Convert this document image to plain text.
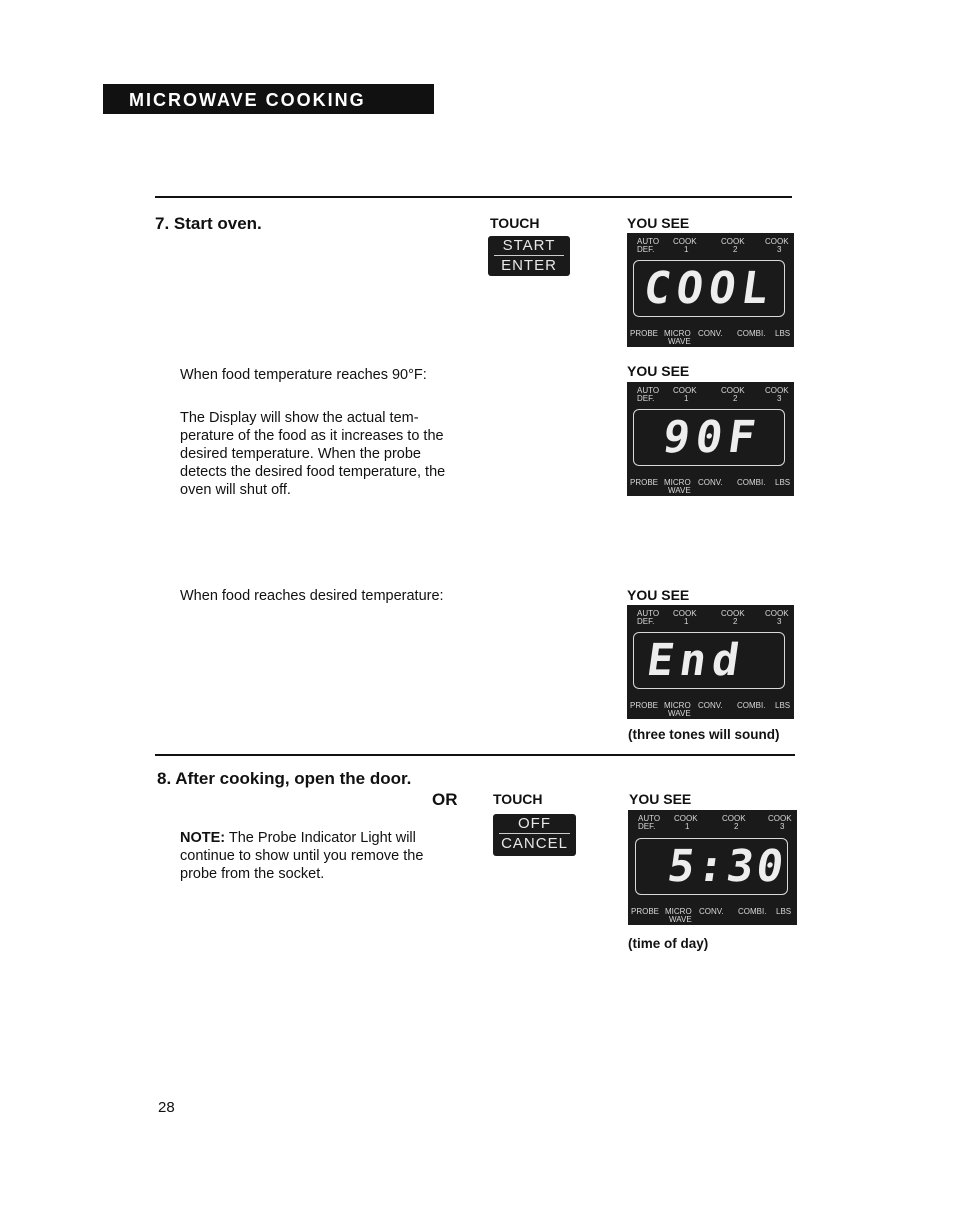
MICROWAVE COOKING
7. Start oven.	TOUCH
START
ENTER
YOU SEE
AUTO
DEF.
COOK
1
COOK
2
COOK
3
COOL
PROBE MICRO
WAVE
CONV. COMBI. LBS
When food temperature reaches 90°F:
The Display will show the actual tem-
perature of the food as it increases to the
desired temperature. When the probe
detects the desired food temperature, the
oven will shut off.
YOU SEE
AUTO
DEF.
COOK
1
COOK
2
COOK
3
90F
PROBE MICRO
WAVE
CONV. COMBI. LBS
When food reaches desired temperature:	YOU SEE
AUTO
DEF.
COOK
1
COOK
2
COOK
3
End
PROBE MICRO
WAVE
CONV. COMBI. LBS
(three tones will sound)
8. After cooking, open the door.
OR	TOUCH
OFF
CANCEL
NOTE: The Probe Indicator Light will
continue to show until you remove the
probe from the socket.
YOU SEE
AUTO
DEF.
COOK
1
COOK
2
COOK
3
5:30
PROBE MICRO
WAVE
CONV. COMBI. LBS
(time of day)
28
